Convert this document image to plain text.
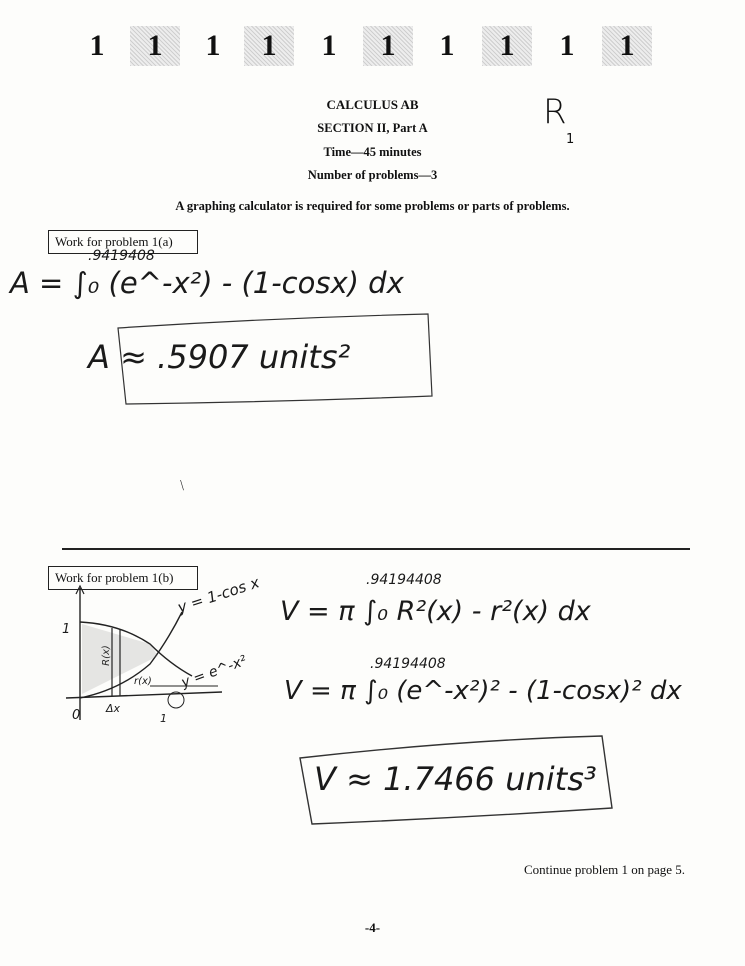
1	1	1	1	1	1	1	1	1	1
CALCULUS AB
SECTION II, Part A
Time—45 minutes
Number of problems—3
R
1
A graphing calculator is required for some problems or parts of problems.
Work for problem 1(a)
.9419408
A = ∫₀ (e^-x²) - (1-cosx) dx
A ≈ .5907 units²
\
Work for problem 1(b) y = 1-cos x
y = e^-x²
1
0 Δx
1
r(x)
.94194408
V = π ∫₀ R²(x) - r²(x) dx
.94194408
V = π ∫₀ (e^-x²)² - (1-cosx)² dx
V ≈ 1.7466 units³
Continue problem 1 on page 5.
-4-
